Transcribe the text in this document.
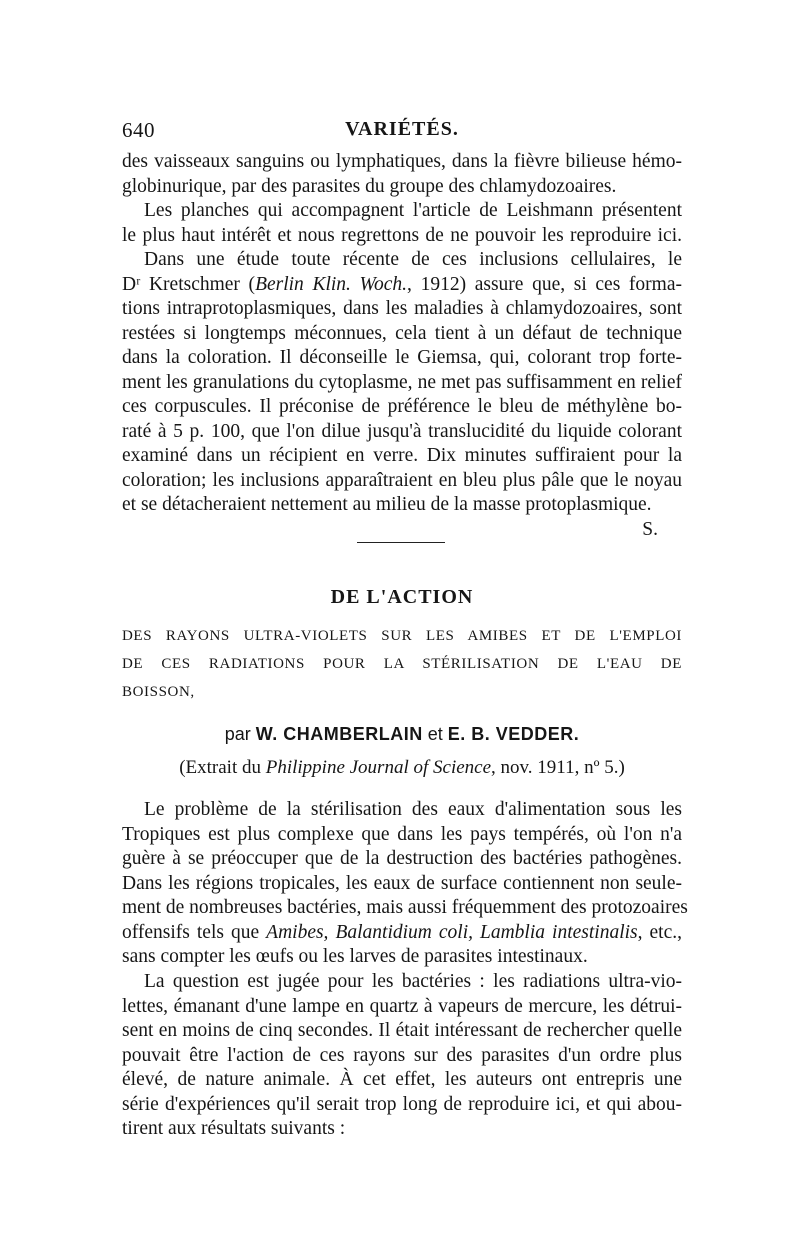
640	VARIÉTÉS.
des vaisseaux sanguins ou lymphatiques, dans la fièvre bilieuse hémo-
globinurique, par des parasites du groupe des chlamydozoaires.
Les planches qui accompagnent l'article de Leishmann présentent
le plus haut intérêt et nous regrettons de ne pouvoir les reproduire ici.
Dans une étude toute récente de ces inclusions cellulaires, le
Dʳ Kretschmer (Berlin Klin. Woch., 1912) assure que, si ces forma-
tions intraprotoplasmiques, dans les maladies à chlamydozoaires, sont
restées si longtemps méconnues, cela tient à un défaut de technique
dans la coloration. Il déconseille le Giemsa, qui, colorant trop forte-
ment les granulations du cytoplasme, ne met pas suffisamment en relief
ces corpuscules. Il préconise de préférence le bleu de méthylène bo-
raté à 5 p. 100, que l'on dilue jusqu'à translucidité du liquide colorant
examiné dans un récipient en verre. Dix minutes suffiraient pour la
coloration; les inclusions apparaîtraient en bleu plus pâle que le noyau
et se détacheraient nettement au milieu de la masse protoplasmique.
S.
DE L'ACTION
DES RAYONS ULTRA-VIOLETS SUR LES AMIBES ET DE L'EMPLOI
DE CES RADIATIONS POUR LA STÉRILISATION DE L'EAU DE
BOISSON,
par W. CHAMBERLAIN et E. B. VEDDER.
(Extrait du Philippine Journal of Science, nov. 1911, nº 5.)
Le problème de la stérilisation des eaux d'alimentation sous les
Tropiques est plus complexe que dans les pays tempérés, où l'on n'a
guère à se préoccuper que de la destruction des bactéries pathogènes.
Dans les régions tropicales, les eaux de surface contiennent non seule-
ment de nombreuses bactéries, mais aussi fréquemment des protozoaires
offensifs tels que Amibes, Balantidium coli, Lamblia intestinalis, etc.,
sans compter les œufs ou les larves de parasites intestinaux.
La question est jugée pour les bactéries : les radiations ultra-vio-
lettes, émanant d'une lampe en quartz à vapeurs de mercure, les détrui-
sent en moins de cinq secondes. Il était intéressant de rechercher quelle
pouvait être l'action de ces rayons sur des parasites d'un ordre plus
élevé, de nature animale. À cet effet, les auteurs ont entrepris une
série d'expériences qu'il serait trop long de reproduire ici, et qui abou-
tirent aux résultats suivants :
